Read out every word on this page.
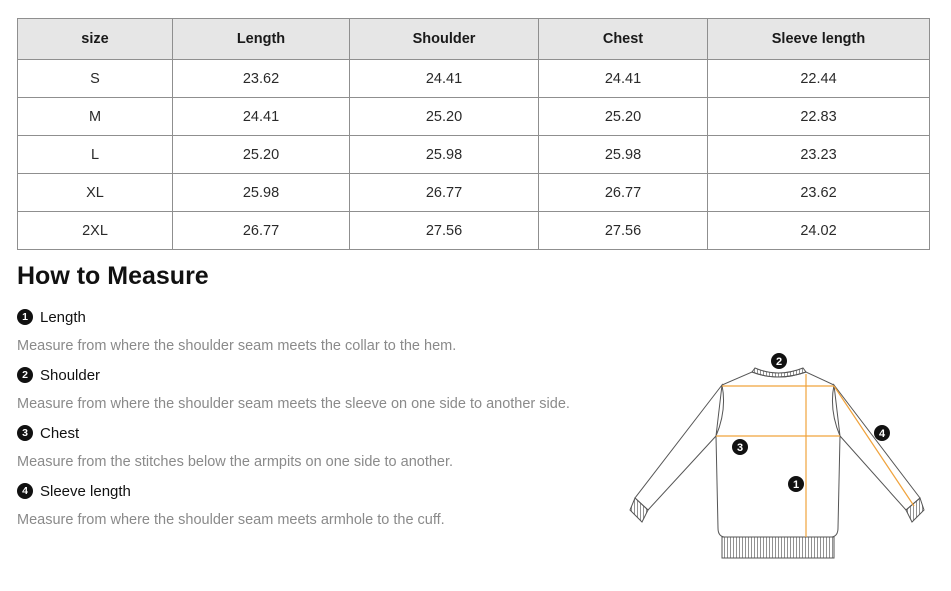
size	Length	Shoulder	Chest	Sleeve length
S	23.62	24.41	24.41	22.44
M	24.41	25.20	25.20	22.83
L	25.20	25.98	25.98	23.23
XL	25.98	26.77	26.77	23.62
2XL	26.77	27.56	27.56	24.02
How to Measure
1 Length
Measure from where the shoulder seam meets the collar to the hem.
2 Shoulder
Measure from where the shoulder seam meets the sleeve on one side to another side.
3 Chest
Measure from the stitches below the armpits on one side to another.
4 Sleeve length
Measure from where the shoulder seam meets armhole to the cuff.
2
3
1
4
